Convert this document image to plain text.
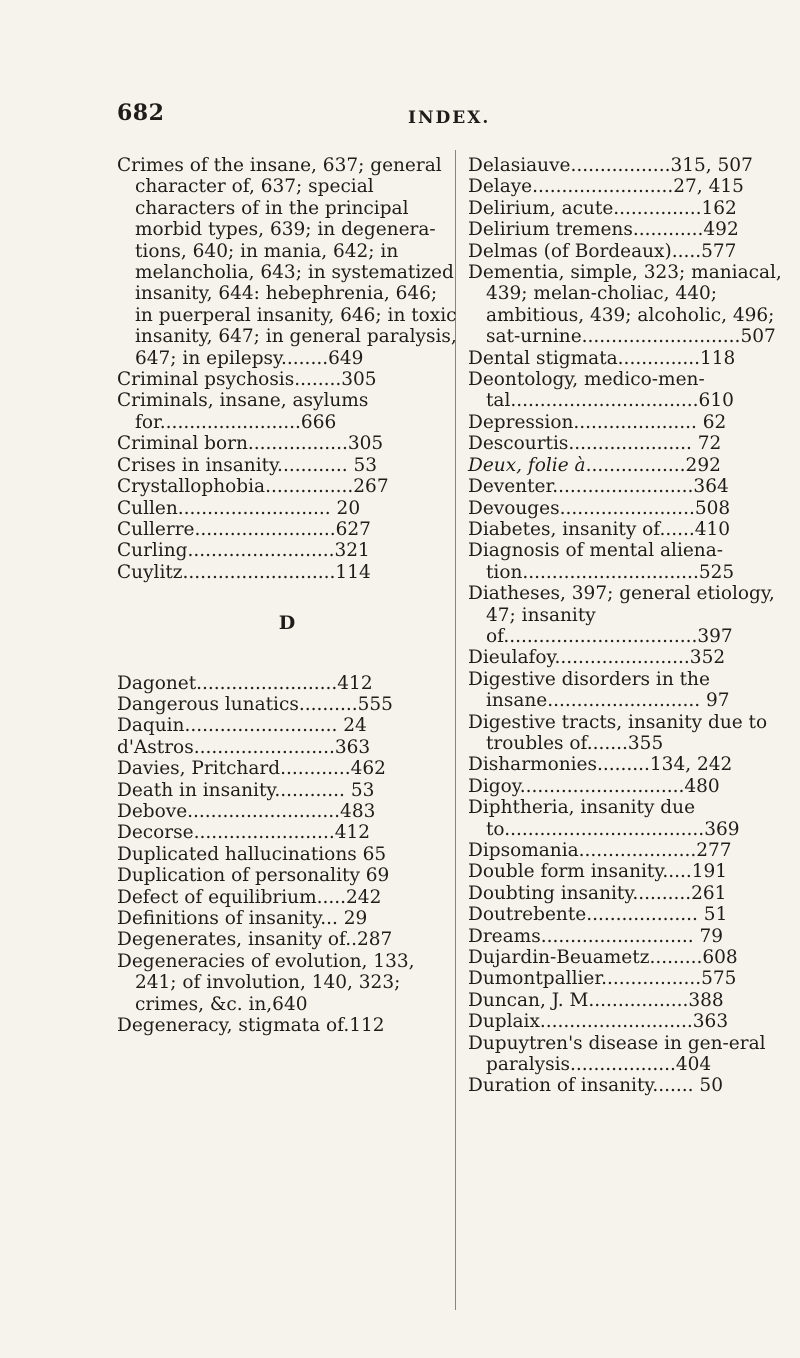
682	INDEX.
Crimes of the insane, 637; general character of, 637; special characters of in the principal morbid types, 639; in degenera-tions, 640; in mania, 642; in melancholia, 643; in systematized insanity, 644: hebephrenia, 646; in puerperal insanity, 646; in toxic insanity, 647; in general paralysis, 647; in epilepsy........649
Criminal psychosis........305
Criminals, insane, asylums for........................666
Criminal born.................305
Crises in insanity............ 53
Crystallophobia...............267
Cullen.......................... 20
Cullerre........................627
Curling.........................321
Cuylitz..........................114
D
Dagonet........................412
Dangerous lunatics..........555
Daquin.......................... 24
d'Astros........................363
Davies, Pritchard............462
Death in insanity............ 53
Debove..........................483
Decorse........................412
Duplicated hallucinations 65
Duplication of personality 69
Defect of equilibrium.....242
Definitions of insanity... 29
Degenerates, insanity of..287
Degeneracies of evolution, 133, 241; of involution, 140, 323; crimes, &c. in,640
Degeneracy, stigmata of.112
Delasiauve.................315, 507
Delaye........................27, 415
Delirium, acute...............162
Delirium tremens............492
Delmas (of Bordeaux).....577
Dementia, simple, 323; maniacal, 439; melan-choliac, 440; ambitious, 439; alcoholic, 496; sat-urnine...........................507
Dental stigmata..............118
Deontology, medico-men-tal................................610
Depression..................... 62
Descourtis..................... 72
Deux, folie à.................292
Deventer........................364
Devouges.......................508
Diabetes, insanity of......410
Diagnosis of mental aliena-tion..............................525
Diatheses, 397; general etiology, 47; insanity of.................................397
Dieulafoy.......................352
Digestive disorders in the insane.......................... 97
Digestive tracts, insanity due to troubles of.......355
Disharmonies.........134, 242
Digoy............................480
Diphtheria, insanity due to..................................369
Dipsomania....................277
Double form insanity.....191
Doubting insanity..........261
Doutrebente................... 51
Dreams.......................... 79
Dujardin-Beuametz.........608
Dumontpallier.................575
Duncan, J. M.................388
Duplaix..........................363
Dupuytren's disease in gen-eral paralysis..................404
Duration of insanity....... 50
